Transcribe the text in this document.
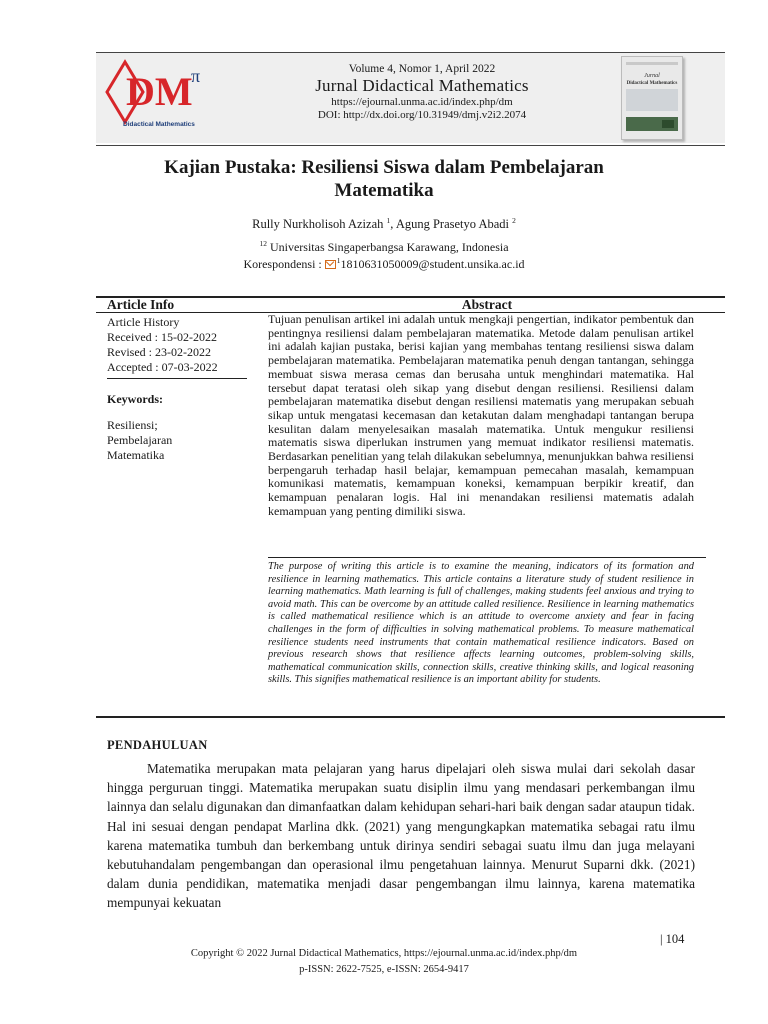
DM
π
Didactical Mathematics
Volume 4, Nomor 1, April 2022
Jurnal Didactical Mathematics
https://ejournal.unma.ac.id/index.php/dm
DOI: http://dx.doi.org/10.31949/dmj.v2i2.2074
Jurnal
Didactical Mathematics
Kajian Pustaka: Resiliensi Siswa dalam Pembelajaran Matematika
Rully Nurkholisoh Azizah $^1$, Agung Prasetyo Abadi $^2$
$^{12}$ Universitas Singaperbangsa Karawang, Indonesia
Korespondensi : $^1$1810631050009@student.unsika.ac.id
Article Info	Abstract
Article History
Received : 15-02-2022
Revised : 23-02-2022
Accepted : 07-03-2022
Keywords:
Resiliensi;
Pembelajaran
Matematika
Tujuan penulisan artikel ini adalah untuk mengkaji pengertian, indikator pembentuk dan pentingnya resiliensi dalam pembelajaran matematika. Metode dalam penulisan artikel ini adalah kajian pustaka, berisi kajian yang membahas tentang resiliensi siswa dalam pembelajaran matematika. Pembelajaran matematika penuh dengan tantangan, sehingga membuat siswa merasa cemas dan berusaha untuk menghindari matematika. Hal tersebut dapat teratasi oleh sikap yang disebut dengan resiliensi. Resiliensi dalam pembelajaran matematika disebut dengan resiliensi matematis yang merupakan sebuah sikap untuk mengatasi kecemasan dan ketakutan dalam menghadapi tantangan berupa kesulitan dalam menyelesaikan masalah matematika. Untuk mengukur resiliensi matematis siswa diperlukan instrumen yang memuat indikator resiliensi matematis. Berdasarkan penelitian yang telah dilakukan sebelumnya, menunjukkan bahwa resiliensi berpengaruh terhadap hasil belajar, kemampuan pemecahan masalah, kemampuan komunikasi matematis, kemampuan koneksi, kemampuan berpikir kreatif, dan kemampuan penalaran logis. Hal ini menandakan resiliensi matematis adalah kemampuan yang penting dimiliki siswa.
The purpose of writing this article is to examine the meaning, indicators of its formation and resilience in learning mathematics. This article contains a literature study of student resilience in learning mathematics. Math learning is full of challenges, making students feel anxious and trying to avoid math. This can be overcome by an attitude called resilience. Resilience in learning mathematics is called mathematical resilience which is an attitude to overcome anxiety and fear in facing challenges in the form of difficulties in solving mathematical problems. To measure mathematical resilience students need instruments that contain mathematical resilience indicators. Based on previous research shows that resilience affects learning outcomes, problem-solving skills, mathematical communication skills, connection skills, creative thinking skills, and logical reasoning skills. This signifies mathematical resilience is an important ability for students.
PENDAHULUAN
Matematika merupakan mata pelajaran yang harus dipelajari oleh siswa mulai dari sekolah dasar hingga perguruan tinggi. Matematika merupakan suatu disiplin ilmu yang mendasari perkembangan ilmu lainnya dan selalu digunakan dan dimanfaatkan dalam kehidupan sehari-hari baik dengan sadar ataupun tidak. Hal ini sesuai dengan pendapat Marlina dkk. (2021) yang mengungkapkan matematika sebagai ratu ilmu karena matematika tumbuh dan berkembang untuk dirinya sendiri sebagai suatu ilmu dan juga melayani kebutuhandalam pengembangan dan operasional ilmu pengetahuan lainnya. Menurut Suparni dkk. (2021) dalam dunia pendidikan, matematika menjadi dasar pengembangan ilmu lainnya, karena matematika mempunyai kekuatan
| 104
Copyright © 2022 Jurnal Didactical Mathematics, https://ejournal.unma.ac.id/index.php/dm
p-ISSN: 2622-7525, e-ISSN: 2654-9417
